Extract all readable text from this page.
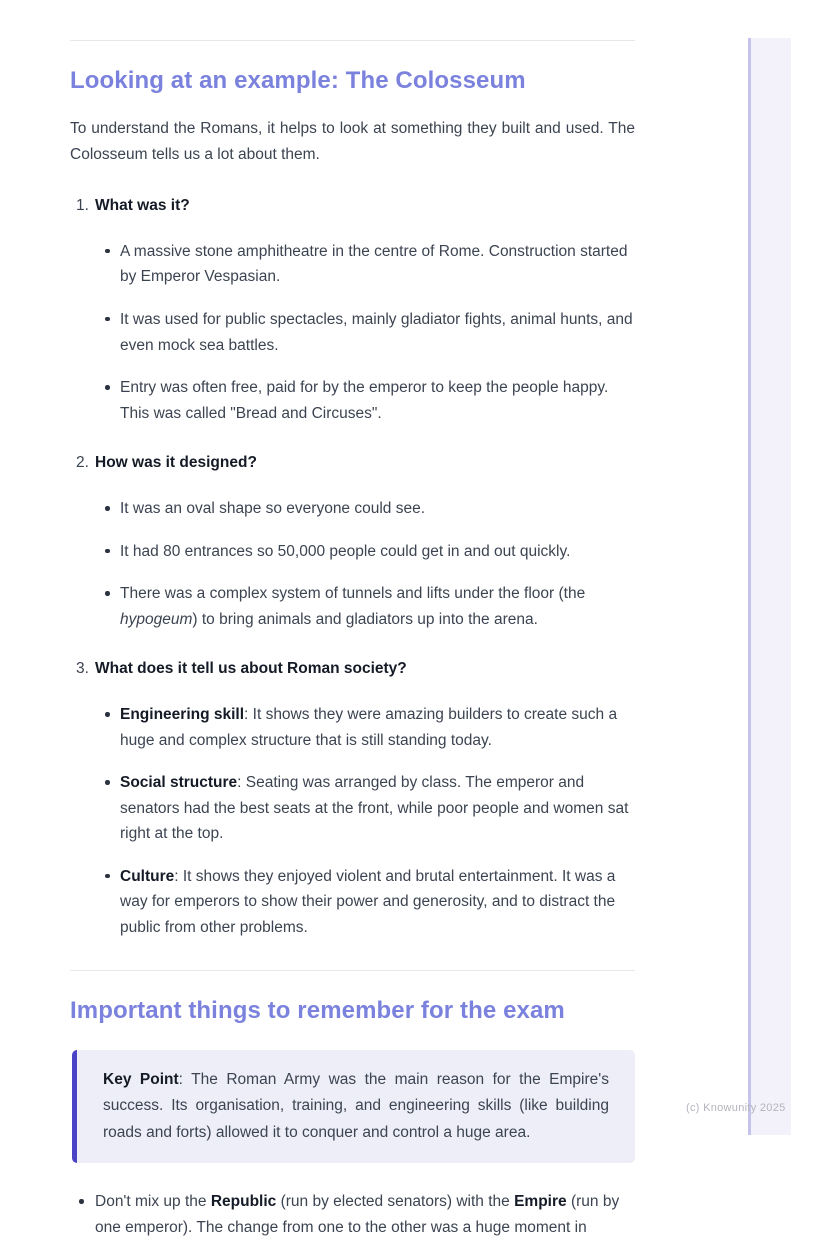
Looking at an example: The Colosseum

To understand the Romans, it helps to look at something they built and used. The Colosseum tells us a lot about them.

1. What was it?

A massive stone amphitheatre in the centre of Rome. Construction started by Emperor Vespasian.

It was used for public spectacles, mainly gladiator fights, animal hunts, and even mock sea battles.

Entry was often free, paid for by the emperor to keep the people happy. This was called "Bread and Circuses".

2. How was it designed?

It was an oval shape so everyone could see.

It had 80 entrances so 50,000 people could get in and out quickly.

There was a complex system of tunnels and lifts under the floor (the hypogeum) to bring animals and gladiators up into the arena.

3. What does it tell us about Roman society?

Engineering skill: It shows they were amazing builders to create such a huge and complex structure that is still standing today.

Social structure: Seating was arranged by class. The emperor and senators had the best seats at the front, while poor people and women sat right at the top.

Culture: It shows they enjoyed violent and brutal entertainment. It was a way for emperors to show their power and generosity, and to distract the public from other problems.

Important things to remember for the exam

Key Point: The Roman Army was the main reason for the Empire's success. Its organisation, training, and engineering skills (like building roads and forts) allowed it to conquer and control a huge area.

Don't mix up the Republic (run by elected senators) with the Empire (run by one emperor). The change from one to the other was a huge moment in

(c) Knowunity 2025
